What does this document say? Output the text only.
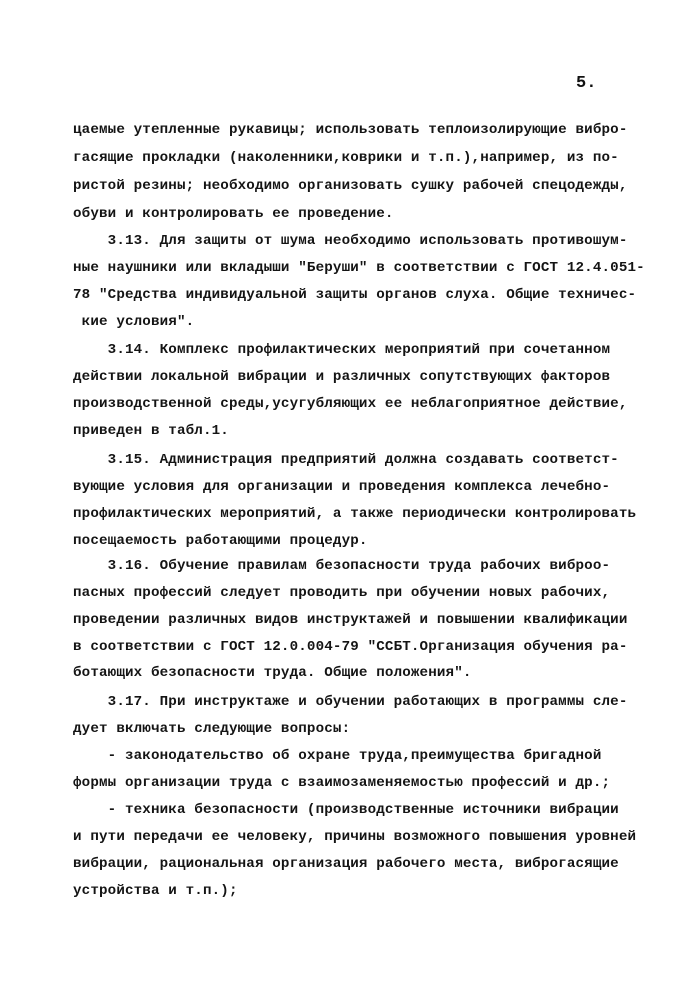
5.
цаемые утепленные рукавицы; использовать теплоизолирующие вибро-
гасящие прокладки (наколенники,коврики и т.п.),например, из по-
ристой резины; необходимо организовать сушку рабочей спецодежды,
обуви и контролировать ее проведение.
3.13. Для защиты от шума необходимо использовать противошум-
ные наушники или вкладыши "Беруши" в соответствии с ГОСТ 12.4.051-
78 "Средства индивидуальной защиты органов слуха. Общие техничес-
кие условия".
3.14. Комплекс профилактических мероприятий при сочетанном
действии локальной вибрации и различных сопутствующих факторов
производственной среды,усугубляющих ее неблагоприятное действие,
приведен в табл.1.
3.15. Администрация предприятий должна создавать соответст-
вующие условия для организации и проведения комплекса лечебно-
профилактических мероприятий, а также периодически контролировать
посещаемость работающими процедур.
3.16. Обучение правилам безопасности труда рабочих виброо-
пасных профессий следует проводить при обучении новых рабочих,
проведении различных видов инструктажей и повышении квалификации
в соответствии с ГОСТ 12.0.004-79 "ССБТ.Организация обучения ра-
ботающих безопасности труда. Общие положения".
3.17. При инструктаже и обучении работающих в программы сле-
дует включать следующие вопросы:
- законодательство об охране труда,преимущества бригадной
формы организации труда с взаимозаменяемостью професcий и др.;
- техника безопасности (производственные источники вибрации
и пути передачи ее человеку, причины возможного повышения уровней
вибрации, рациональная организация рабочего места, виброгасящие
устройства и т.п.);
